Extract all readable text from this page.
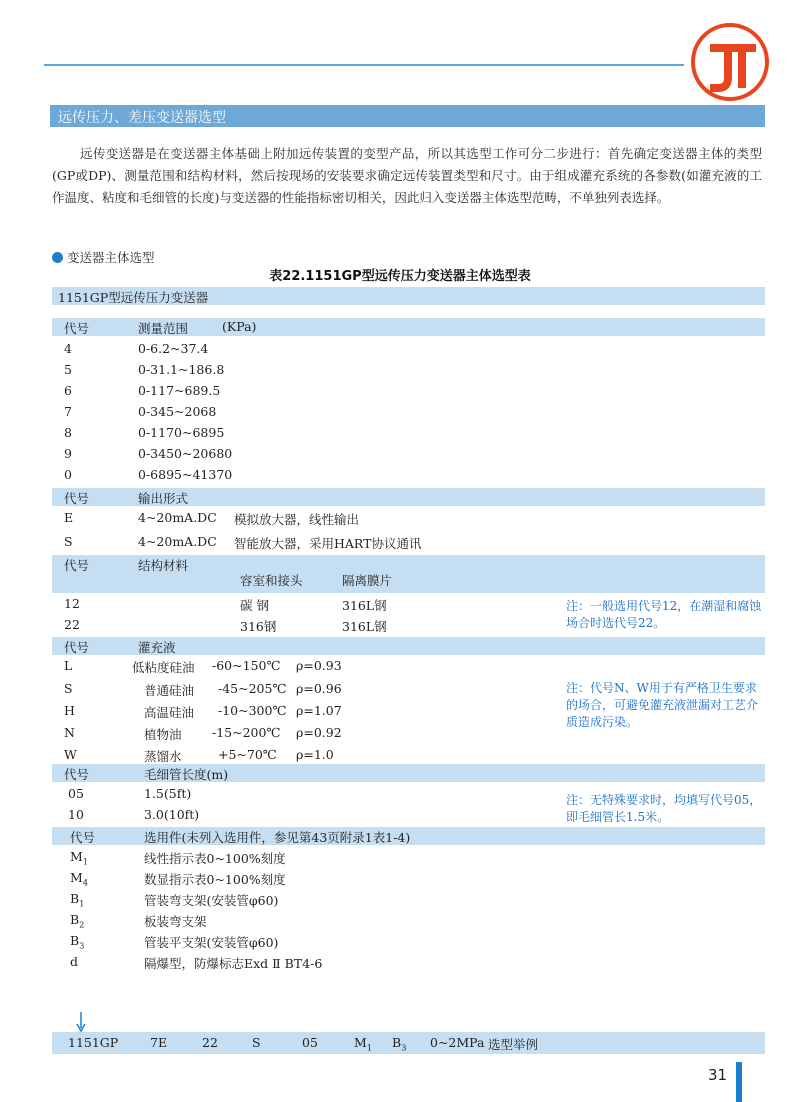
远传压力、差压变送器选型
远传变送器是在变送器主体基础上附加远传装置的变型产品，所以其选型工作可分二步进行：首先确定变送器主体的类型(GP或DP)、测量范围和结构材料，然后按现场的安装要求确定远传装置类型和尺寸。由于组成灌充系统的各参数(如灌充液的工作温度、粘度和毛细管的长度)与变送器的性能指标密切相关，因此归入变送器主体选型范畴，不单独列表选择。
变送器主体选型
表22.1151GP型远传压力变送器主体选型表
1151GP型远传压力变送器
代号	测量范围	(KPa)
4	0-6.2~37.4
5	0-31.1~186.8
6	0-117~689.5
7	0-345~2068
8	0-1170~6895
9	0-3450~20680
0	0-6895~41370
代号	输出形式
E	4~20mA.DC 模拟放大器，线性输出
S	4~20mA.DC 智能放大器，采用HART协议通讯
代号	结构材料
容室和接头	隔离膜片
12	碳 钢	316L钢
22	316钢	316L钢
注：一般选用代号12，在潮湿和腐蚀场合时选代号22。
代号	灌充液
L	低粘度硅油 -60~150℃ ρ=0.93
S	普通硅油 -45~205℃ ρ=0.96
H	高温硅油 -10~300℃ ρ=1.07
N	植物油 -15~200℃ ρ=0.92
W	蒸馏水	+5~70℃ ρ=1.0
注：代号N、W用于有严格卫生要求的场合，可避免灌充液泄漏对工艺介质造成污染。
代号	毛细管长度(m)
05	1.5(5ft)
10	3.0(10ft)
注：无特殊要求时，均填写代号05，即毛细管长1.5米。
代号	选用件(未列入选用件，参见第43页附录1表1-4)
$M_1$	线性指示表0~100%刻度
$M_4$	数显指示表0~100%刻度
$B_1$	管装弯支架(安装管φ60)
$B_2$	板装弯支架
$B_3$	管装平支架(安装管φ60)
d	隔爆型，防爆标志Exd Ⅱ BT4-6
1151GP	7E	22	S	05	$M_1$ $B_3$ 0~2MPa 选型举例
31
